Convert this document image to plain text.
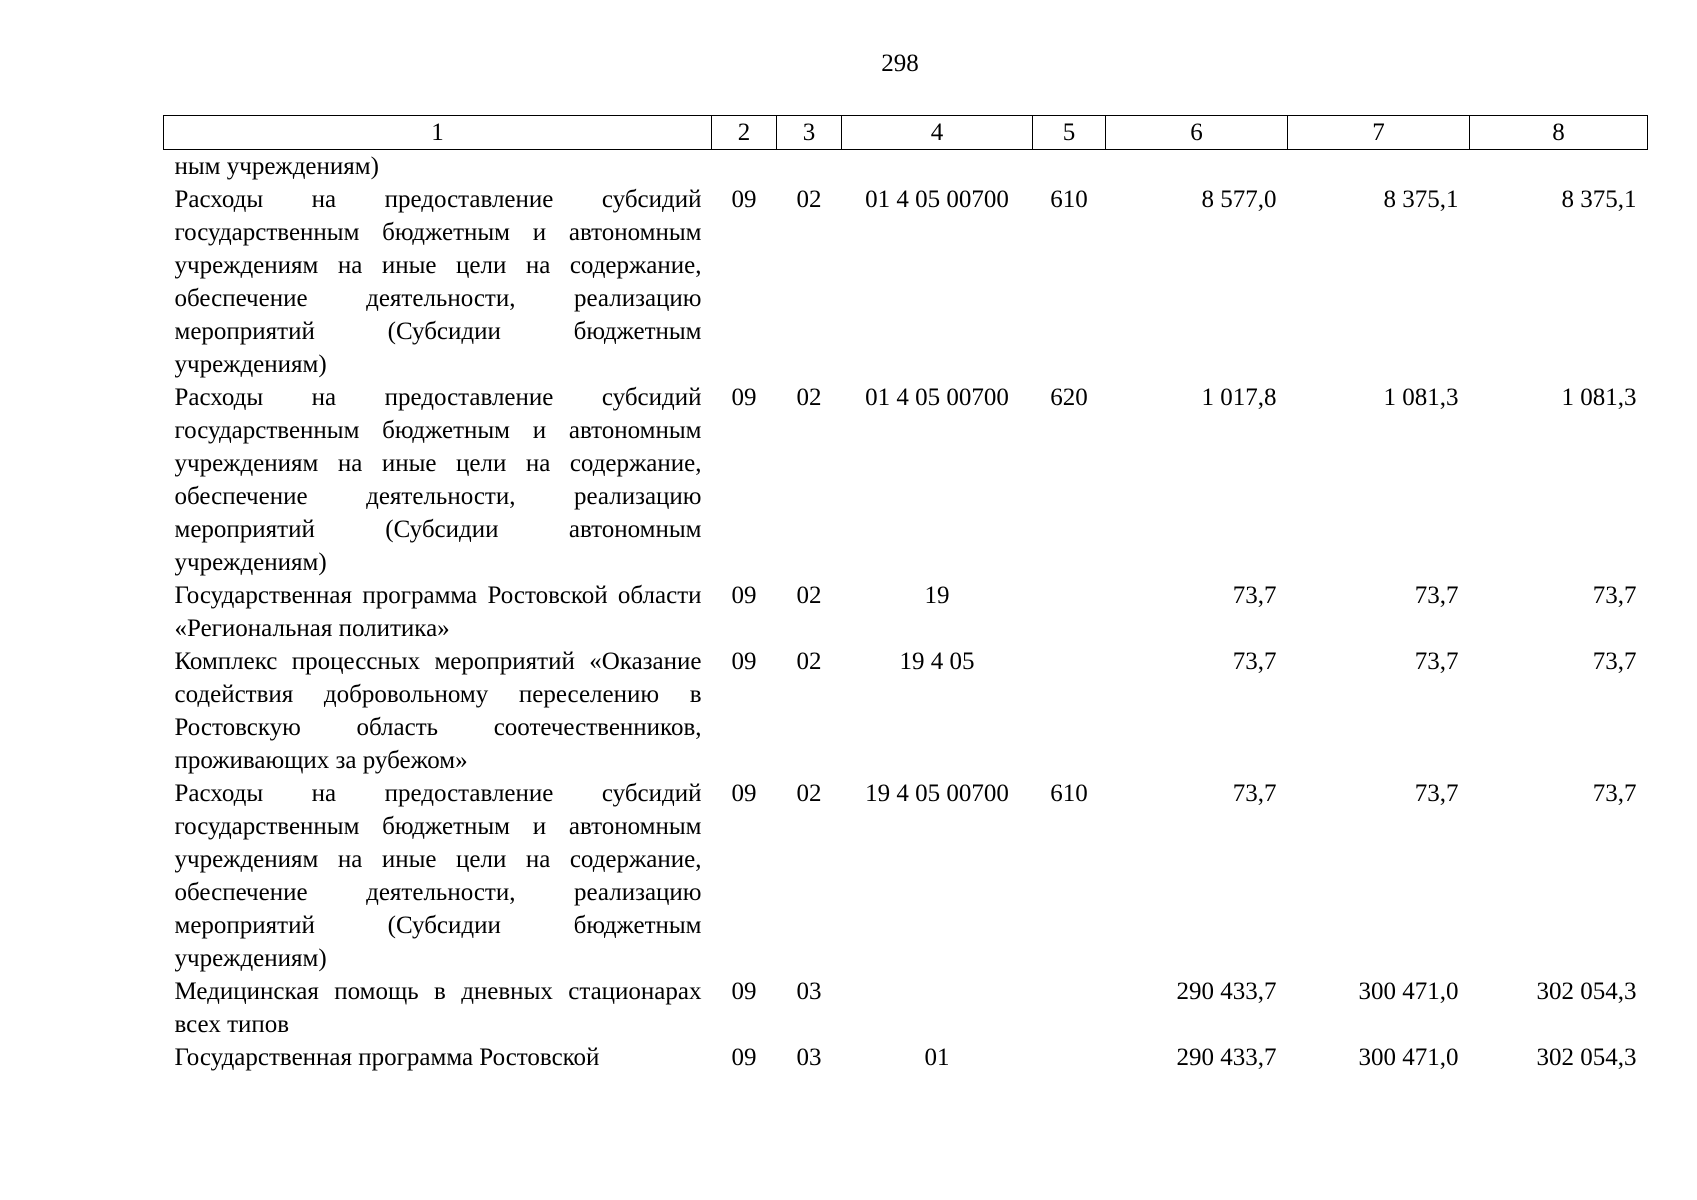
298
1	2	3	4	5	6	7	8
ным учреждениям)							
Расходы на предоставление субсидий государственным бюджетным и автономным учреждениям на иные цели на содержание, обеспечение деятельности, реализацию мероприятий (Субсидии бюджетным учреждениям)	09	02	01 4 05 00700	610	8 577,0	8 375,1	8 375,1
Расходы на предоставление субсидий государственным бюджетным и автономным учреждениям на иные цели на содержание, обеспечение деятельности, реализацию мероприятий (Субсидии автономным учреждениям)	09	02	01 4 05 00700	620	1 017,8	1 081,3	1 081,3
Государственная программа Ростовской области «Региональная политика»	09	02	19		73,7	73,7	73,7
Комплекс процессных мероприятий «Оказание содействия добровольному переселению в Ростовскую область соотечественников, проживающих за рубежом»	09	02	19 4 05		73,7	73,7	73,7
Расходы на предоставление субсидий государственным бюджетным и автономным учреждениям на иные цели на содержание, обеспечение деятельности, реализацию мероприятий (Субсидии бюджетным учреждениям)	09	02	19 4 05 00700	610	73,7	73,7	73,7
Медицинская помощь в дневных стационарах всех типов	09	03			290 433,7	300 471,0	302 054,3
Государственная программа Ростовской	09	03	01		290 433,7	300 471,0	302 054,3
